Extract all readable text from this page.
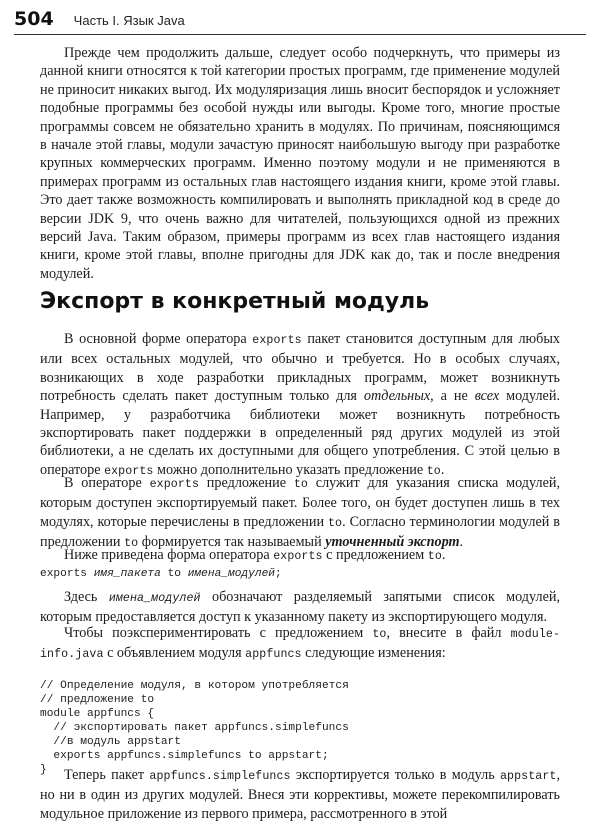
504 Часть I. Язык Java

Прежде чем продолжить дальше, следует особо подчеркнуть, что примеры из данной книги относятся к той категории простых программ, где применение модулей не приносит никаких выгод. Их модуляризация лишь вносит беспорядок и усложняет подобные программы без особой нужды или выгоды. Кроме того, многие простые программы совсем не обязательно хранить в модулях. По причинам, поясняющимся в начале этой главы, модули зачастую приносят наибольшую выгоду при разработке крупных коммерческих программ. Именно поэтому модули и не применяются в примерах программ из остальных глав настоящего издания книги, кроме этой главы. Это дает также возможность компилировать и выполнять прикладной код в среде до версии JDK 9, что очень важно для читателей, пользующихся одной из прежних версий Java. Таким образом, примеры программ из всех глав настоящего издания книги, кроме этой главы, вполне пригодны для JDK как до, так и после внедрения модулей.

Экспорт в конкретный модуль

В основной форме оператора exports пакет становится доступным для любых или всех остальных модулей, что обычно и требуется. Но в особых случаях, возникающих в ходе разработки прикладных программ, может возникнуть потребность сделать пакет доступным только для отдельных, а не всех модулей. Например, у разработчика библиотеки может возникнуть потребность экспортировать пакет поддержки в определенный ряд других модулей из этой библиотеки, а не сделать их доступными для общего употребления. С этой целью в операторе exports можно дополнительно указать предложение to.

В операторе exports предложение to служит для указания списка модулей, которым доступен экспортируемый пакет. Более того, он будет доступен лишь в тех модулях, которые перечислены в предложении to. Согласно терминологии модулей в предложении to формируется так называемый уточненный экспорт.

Ниже приведена форма оператора exports с предложением to.

exports имя_пакета to имена_модулей;

Здесь имена_модулей обозначают разделяемый запятыми список модулей, которым предоставляется доступ к указанному пакету из экспортирующего модуля.

Чтобы поэкспериментировать с предложением to, внесите в файл module-info.java с объявлением модуля appfuncs следующие изменения:

// Определение модуля, в котором употребляется
// предложение to
module appfuncs {
// экспортировать пакет appfuncs.simplefuncs
//в модуль appstart
exports appfuncs.simplefuncs to appstart;
}	Теперь пакет appfuncs.simplefuncs экспортируется только в модуль appstart, но ни в один из других модулей. Внеся эти коррективы, можете перекомпилировать модульное приложение из первого примера, рассмотренного в этой
